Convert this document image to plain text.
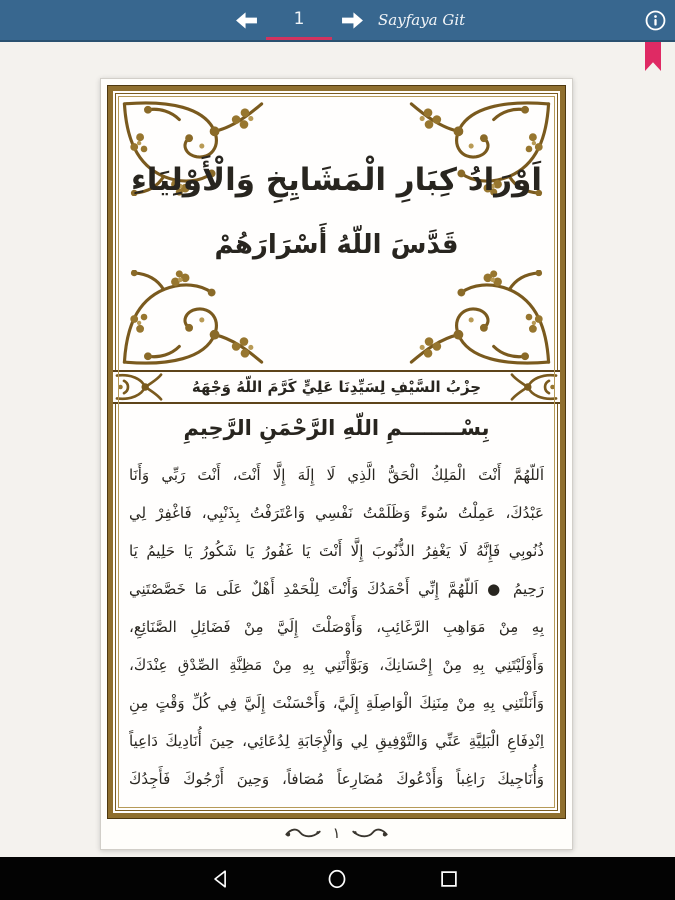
1	Sayfaya Git
اَوْرَادُ كِبَارِ الْمَشَايِخِ وَالْأَوْلِيَاءِ
قَدَّسَ اللّهُ أَسْرَارَهُمْ
حِزْبُ السَّيْفِ لِسَيِّدِنَا عَلِيٍّ كَرَّمَ اللّهُ وَجْهَهُ
بِسْــــــــمِ اللّهِ الرَّحْمَنِ الرَّحِيمِ
اَللّهُمَّ أَنْتَ الْمَلِكُ الْحَقُّ الَّذِي لَا إِلَهَ إِلَّا أَنْتَ، أَنْتَ رَبِّي وَأَنَا
عَبْدُكَ، عَمِلْتُ سُوءً وَظَلَمْتُ نَفْسِي وَاعْتَرَفْتُ بِذَنْبِي، فَاغْفِرْ لِي
ذُنُوبِي فَإِنَّهُ لَا يَغْفِرُ الذُّنُوبَ إِلَّا أَنْتَ يَا غَفُورُ يَا شَكُورُ يَا حَلِيمُ يَا
رَحِيمُ ● اَللّهُمَّ إِنِّي أَحْمَدُكَ وَأَنْتَ لِلْحَمْدِ أَهْلٌ عَلَى مَا خَصَّصْتَنِي
بِهِ مِنْ مَوَاهِبِ الرَّغَائِبِ، وَأَوْصَلْتَ إِلَيَّ مِنْ فَضَائِلِ الصَّنَائِعِ،
وَأَوْلَيْتَنِي بِهِ مِنْ إِحْسَانِكَ، وَبَوَّأْتَنِي بِهِ مِنْ مَظِنَّةِ الصِّدْقِ عِنْدَكَ،
وَأَنَلْتَنِي بِهِ مِنْ مِنَنِكَ الْوَاصِلَةِ إِلَيَّ، وَأَحْسَنْتَ إِلَيَّ فِي كُلِّ وَقْتٍ مِنِ
اِنْدِفَاعِ الْبَلِيَّةِ عَنِّي وَالتَّوْفِيقِ لِي وَالْإِجَابَةِ لِدُعَائِي، حِينَ أُنَادِيكَ دَاعِياً
وَأُنَاجِيكَ رَاغِباً وَأَدْعُوكَ مُضَارِعاً مُصَافاً، وَحِينَ أَرْجُوكَ فَأَجِدُكَ
١
